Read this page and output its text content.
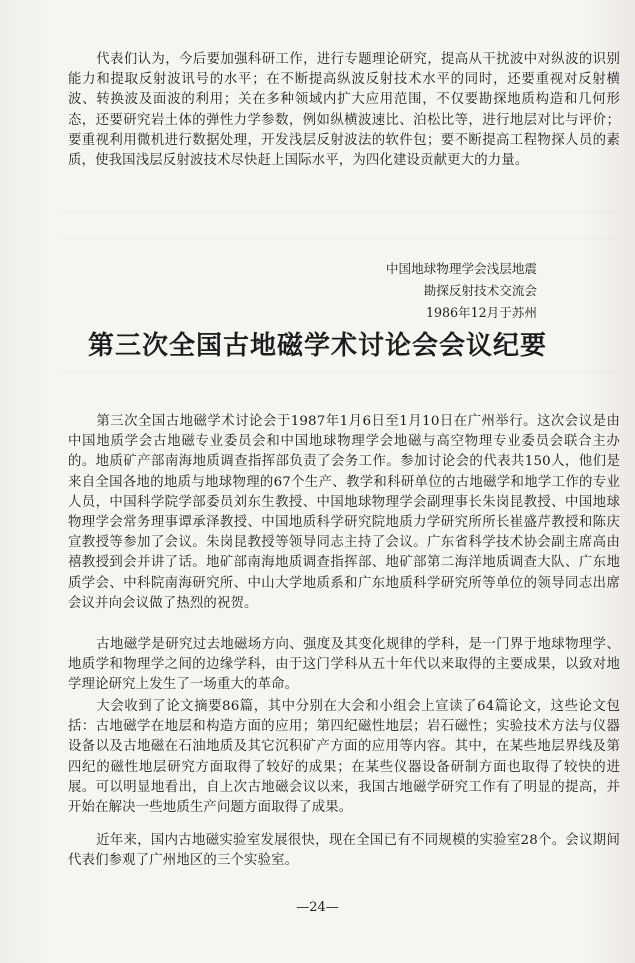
代表们认为，今后要加强科研工作，进行专题理论研究，提高从干扰波中对纵波的识别能力和提取反射波讯号的水平；在不断提高纵波反射技术水平的同时，还要重视对反射横波、转换波及面波的利用；关在多种领域内扩大应用范围，不仅要勘探地质构造和几何形态，还要研究岩土体的弹性力学参数，例如纵横波速比、泊松比等，进行地层对比与评价；要重视利用微机进行数据处理，开发浅层反射波法的软件包；要不断提高工程物探人员的素质，使我国浅层反射波技术尽快赶上国际水平，为四化建设贡献更大的力量。

中国地球物理学会浅层地震
勘探反射技术交流会
1986年12月于苏州
第三次全国古地磁学术讨论会会议纪要

第三次全国古地磁学术讨论会于1987年1月6日至1月10日在广州举行。这次会议是由中国地质学会古地磁专业委员会和中国地球物理学会地磁与高空物理专业委员会联合主办的。地质矿产部南海地质调查指挥部负责了会务工作。参加讨论会的代表共150人，他们是来自全国各地的地质与地球物理的67个生产、教学和科研单位的古地磁学和地学工作的专业人员，中国科学院学部委员刘东生教授、中国地球物理学会副理事长朱岗昆教授、中国地球物理学会常务理事谭承泽教授、中国地质科学研究院地质力学研究所所长崔盛芹教授和陈庆宣教授等参加了会议。朱岗昆教授等领导同志主持了会议。广东省科学技术协会副主席高由禧教授到会并讲了话。地矿部南海地质调查指挥部、地矿部第二海洋地质调查大队、广东地质学会、中科院南海研究所、中山大学地质系和广东地质科学研究所等单位的领导同志出席会议并向会议做了热烈的祝贺。

古地磁学是研究过去地磁场方向、强度及其变化规律的学科，是一门界于地球物理学、地质学和物理学之间的边缘学科，由于这门学科从五十年代以来取得的主要成果，以致对地学理论研究上发生了一场重大的革命。

大会收到了论文摘要86篇，其中分别在大会和小组会上宣读了64篇论文，这些论文包括：古地磁学在地层和构造方面的应用；第四纪磁性地层；岩石磁性；实验技术方法与仪器设备以及古地磁在石油地质及其它沉积矿产方面的应用等内容。其中，在某些地层界线及第四纪的磁性地层研究方面取得了较好的成果；在某些仪器设备研制方面也取得了较快的进展。可以明显地看出，自上次古地磁会议以来，我国古地磁学研究工作有了明显的提高，并开始在解决一些地质生产问题方面取得了成果。

近年来，国内古地磁实验室发展很快，现在全国已有不同规模的实验室28个。会议期间代表们参观了广州地区的三个实验室。

—24—
